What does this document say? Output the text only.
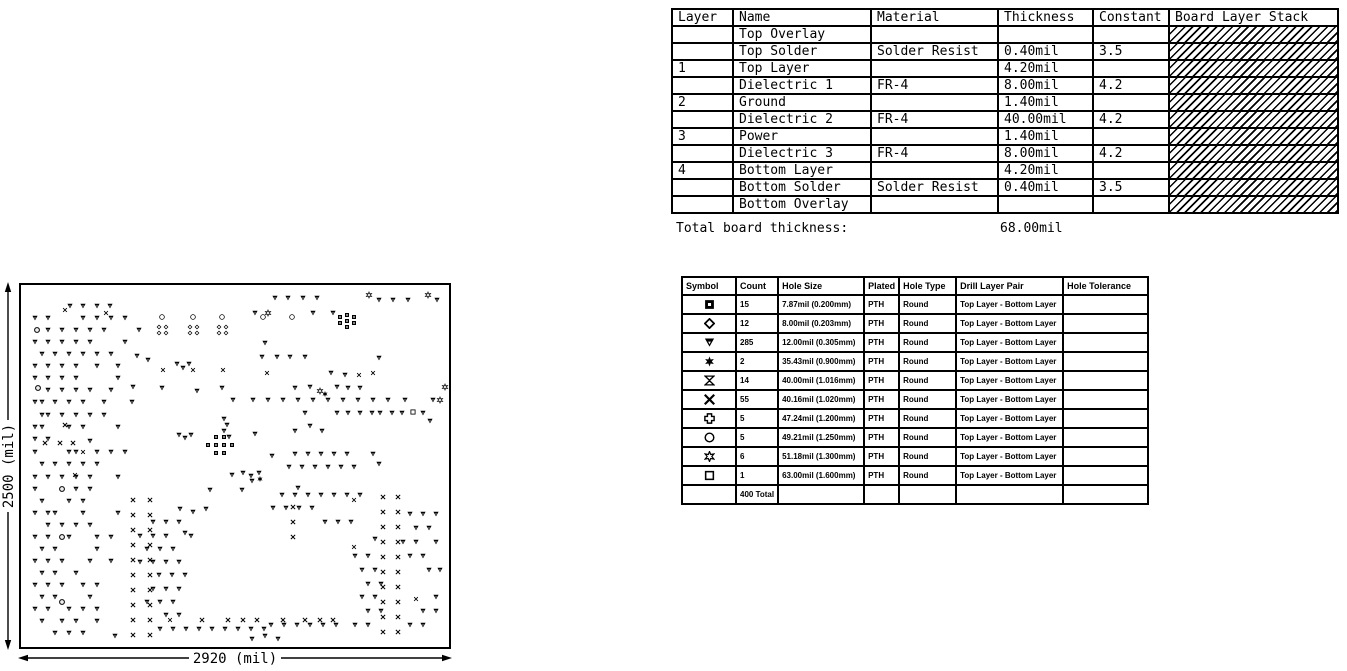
Layer	Name	Material	Thickness	Constant	Board Layer Stack
	Top Overlay				
	Top Solder	Solder Resist	0.40mil	3.5	
1	Top Layer		4.20mil		
	Dielectric 1	FR-4	8.00mil	4.2	
2	Ground		1.40mil		
	Dielectric 2	FR-4	40.00mil	4.2	
3	Power		1.40mil		
	Dielectric 3	FR-4	8.00mil	4.2	
4	Bottom Layer		4.20mil		
	Bottom Solder	Solder Resist	0.40mil	3.5	
	Bottom Overlay				
Total board thickness:	68.00mil
Symbol	Count	Hole Size	Plated	Hole Type	Drill Layer Pair	Hole Tolerance

	15	7.87mil (0.200mm)	PTH	Round	Top Layer - Bottom Layer	

	12	8.00mil (0.203mm)	PTH	Round	Top Layer - Bottom Layer	

	285	12.00mil (0.305mm)	PTH	Round	Top Layer - Bottom Layer	

	2	35.43mil (0.900mm)	PTH	Round	Top Layer - Bottom Layer	

	14	40.00mil (1.016mm)	PTH	Round	Top Layer - Bottom Layer	

	55	40.16mil (1.020mm)	PTH	Round	Top Layer - Bottom Layer	

	5	47.24mil (1.200mm)	PTH	Round	Top Layer - Bottom Layer	

	5	49.21mil (1.250mm)	PTH	Round	Top Layer - Bottom Layer	

	6	51.18mil (1.300mm)	PTH	Round	Top Layer - Bottom Layer	

	1	63.00mil (1.600mm)	PTH	Round	Top Layer - Bottom Layer	
	400 Total					
2500 (mil)
2920 (mil)
